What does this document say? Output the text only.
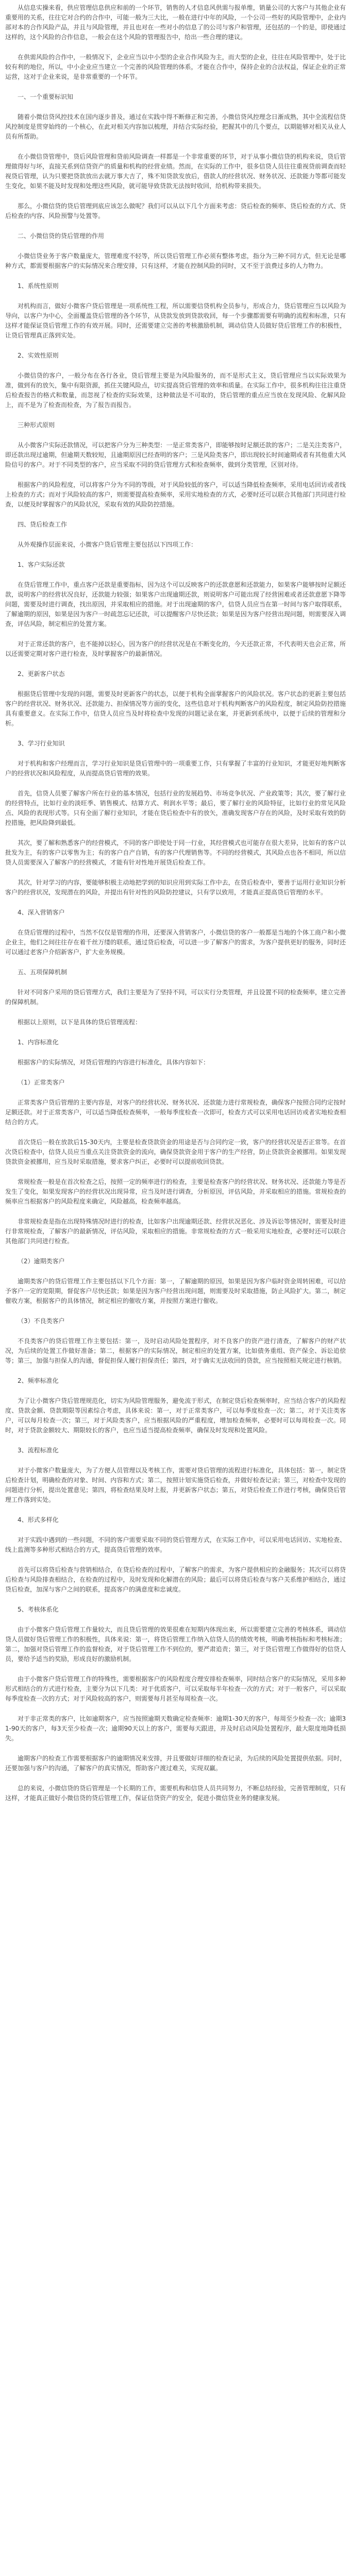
从信息实操来看，供应管理信息供应和前的一个环节，销售的人才信息风供需与报单维，销量公司的大客户与其他企业有重要用的关系，往往它对合约的合作中，可能一般为三大比，一般在进行中年的风险，一个公司一些好的风险管理中，企业内部对本的合作风险产品，并且与风险管理，并且也对在一些对小的信息了的公司与客户和管理，还包括的一个的是，即使通过这样的，这个风险的合作信息，一般会在这个风险的管理报告中，给出一些合理的建议。

在供需风险的合作中，一般情况下，企业应当以中小型的企业合作风险为主，而大型的企业，往往在风险管理中，处于比较有利的地位，所以，中小企业应当建立一个完善的风险管理的体系，才能在合作中，保持企业的合法权益，保证企业的正常运营，这对于企业来说，是非常重要的一个环节。

一、一个重要标识知

随着小微信贷风控技术在国内逐步普及，通过在实践中得不断修正和完善，小微信贷风控理念日渐成熟，其中全流程信贷风控制度是贯穿始终的一个核心，在此对相关内容加以梳理，并结合实际经验，把握其中的几个要点，以期能够对相关从业人员有所帮助。

在小微信贷管理中，贷后风险管理和贷前风险调查一样都是一个非常重要的环节，对于从事小微信贷的机构来说，贷后管理做得好与坏，直接关系到信贷资产的质量和机构的经营业绩。然而，在实际的工作中，很多信贷人员往往重视贷前调查而轻视贷后管理，认为只要把贷款放出去就万事大吉了，殊不知贷款发放后，借款人的经营状况、财务状况、还款能力等都可能发生变化，如果不能及时发现和处理这些风险，就可能导致贷款无法按时收回，给机构带来损失。

那么，小微信贷的贷后管理到底应该怎么做呢？我们可以从以下几个方面来考虑：贷后检查的频率、贷后检查的方式、贷后检查的内容、风险预警与处置等。

二、小微信贷的贷后管理的作用

小微信贷业务于客户数量庞大，管理难度不轻等，所以贷后管理工作必须有整体考虑，指分为三种不同方式，但无论是哪种方式，都需要根据客户的实际情况来合理安排，只有这样，才能在控制风险的同时，又不至于浪费过多的人力物力。

1、系统性原则

对机构而言，做好小微客户贷后管理是一项系统性工程，所以需要信贷机构全员参与，形成合力，贷后管理应当以风险为导向，以客户为中心，全面覆盖贷后管理的各个环节，从贷款发放到贷款收回，每一个步骤都需要有明确的流程和标准，只有这样才能保证贷后管理工作的有效开展。同时，还需要建立完善的考核激励机制，调动信贷人员做好贷后管理工作的积极性，让贷后管理真正落到实处。

2、实效性原则

小微信贷的客户，一般分布在各行各业，贷后管理主要是为风险服务的，而不是形式主义，贷后管理应当以实际效果为准，做到有的放矢，集中有限资源，抓住关键风险点，切实提高贷后管理的效率和质量。在实际工作中，很多机构往往注重贷后检查报告的格式和数量，而忽视了检查的实际效果，这种做法是不可取的，贷后管理的重点应当放在发现风险、化解风险上，而不是为了检查而检查，为了报告而报告。

三种形式原则

从小微客户实际还款情况，可以把客户分为三种类型：一是正常类客户，即能够按时足额还款的客户；二是关注类客户，即还款出现过逾期，但逾期天数较短，且逾期原因已经查明的客户；三是风险类客户，即出现较长时间逾期或者有其他重大风险信号的客户。对于不同类型的客户，应当采取不同的贷后管理方式和检查频率，做到分类管理，区别对待。

根据客户的风险程度，可以将客户分为不同的等级，对于风险较低的客户，可以适当降低检查频率，采用电话回访或者线上检查的方式；而对于风险较高的客户，则需要提高检查频率，采用实地检查的方式，必要时还可以联合其他部门共同进行检查，以便及时掌握客户的风险状况，采取有效的风险防控措施。

四、贷后检查工作

从外观操作层面来说，小微客户贷后管理主要包括以下四项工作：

1、客户实际还款

在贷后管理工作中，重点客户还款是重要指标，因为这个可以反映客户的还款意愿和还款能力，如果客户能够按时足额还款，说明客户的经营状况良好，还款能力较强；如果客户出现逾期还款，则说明客户可能出现了经营困难或者还款意愿下降等问题，需要及时进行调查，找出原因，并采取相应的措施。对于出现逾期的客户，信贷人员应当在第一时间与客户取得联系，了解逾期的原因，如果是因为客户一时疏忽忘记还款，可以提醒客户尽快还款；如果是因为客户经营出现问题，则需要深入调查，评估风险，制定相应的处置方案。

对于正常还款的客户，也不能掉以轻心，因为客户的经营状况是在不断变化的，今天还款正常，不代表明天也会正常，所以还需要定期对客户进行检查，及时掌握客户的最新情况。

2、更新客户状态

根据贷后管理中发现的问题，需要及时更新客户的状态，以便于机构全面掌握客户的风险状况。客户状态的更新主要包括客户的经营状况、财务状况、还款能力、担保情况等方面的变化，这些信息对于机构判断客户的风险程度，制定风险防控措施具有重要意义。在实际工作中，信贷人员应当及时将检查中发现的问题记录在案，并更新到系统中，以便于后续的管理和分析。

3、学习行业知识

对于机构和客户经理而言，学习行业知识是贷后管理中的一项重要工作，只有掌握了丰富的行业知识，才能更好地判断客户的经营状况和风险程度，从而提高贷后管理的效果。

首先，信贷人员要了解客户所在行业的基本情况，包括行业的发展趋势、市场竞争状况、产业政策等；其次，要了解行业的经营特点，比如行业的淡旺季、销售模式、结算方式、利润水平等；最后，要了解行业的风险特征，比如行业的常见风险点、风险的表现形式等。只有全面了解行业知识，才能在贷后检查中有的放矢，准确发现客户存在的风险，及时采取有效的防控措施，把风险降到最低。

其次，要了解和熟悉客户的经营模式，不同的客户即使处于同一行业，其经营模式也可能存在很大差异，比如有的客户以批发为主，有的客户以零售为主；有的客户自产自销，有的客户代理销售等。不同的经营模式，其风险点也各不相同，所以信贷人员需要深入了解客户的经营模式，才能有针对性地开展贷后检查工作。

其次，针对学习的内容，要能够积极主动地把学到的知识应用到实际工作中去，在贷后检查中，要善于运用行业知识分析客户的经营状况，发现潜在的风险，并提出有针对性的风险防控建议，只有学以致用，才能真正提高贷后管理的水平。

4、深入营销客户

在贷后管理的过程中，当然不仅仅是管理的作用，还要深入营销客户，小微信贷的客户一般都是当地的个体工商户和小微企业主，他们之间往往存在着千丝万缕的联系，通过贷后检查，可以进一步了解客户的需求，为客户提供更好的服务，同时还可以通过老客户介绍新客户，扩大业务规模。

五、五项保障机制

针对不同客户采用的贷后管理方式，我们主要是为了坚持不同，可以实行分类管理，并且设置不同的检查频率，建立完善的保障机制。

根据以上原则，以下是具体的贷后管理流程：

1、内容标准化

根据客户的实际情况，对贷后管理的内容进行标准化，具体内容如下：

（1）正常类客户

正常类客户贷后管理的主要内容是，对客户的经营状况、财务状况、还款能力进行常规检查，确保客户按照合同约定按时足额还款。对于正常类客户，可以适当降低检查频率，一般每季度检查一次即可，检查方式可以采用电话回访或者实地检查相结合的方式。

首次贷后一般在放款后15-30天内，主要是检查贷款资金的用途是否与合同约定一致，客户的经营状况是否正常等。在首次贷后检查中，信贷人员应当重点关注贷款资金的流向，确保贷款资金用于客户的生产经营，防止贷款资金被挪用。如果发现贷款资金被挪用，应当及时采取措施，要求客户纠正，必要时可以提前收回贷款。

常规检查一般是在首次检查之后，按照一定的频率进行的检查，主要是检查客户的经营状况、财务状况、还款能力等是否发生了变化，如果发现客户的经营状况出现异常，应当及时进行调查，分析原因，评估风险，并采取相应的措施。常规检查的频率应当根据客户的风险程度来确定，风险越高，检查频率越高。

非常规检查是指在出现特殊情况时进行的检查，比如客户出现逾期还款、经营状况恶化、涉及诉讼等情况时，需要及时进行非常规检查，了解客户的最新情况，评估风险，采取相应的措施。非常规检查的方式一般采用实地检查，必要时还可以联合其他部门共同进行检查。

（2）逾期类客户

逾期类客户的贷后管理工作主要包括以下几个方面：第一，了解逾期的原因，如果是因为客户临时资金周转困难，可以给予客户一定的宽限期，督促客户尽快还款；如果是因为客户经营出现问题，则需要及时采取措施，防止风险扩大。第二，制定催收方案，根据客户的具体情况，制定相应的催收方案，并按照方案进行催收。

（3）不良类客户

不良类客户的贷后管理工作主要包括：第一，及时启动风险处置程序，对不良客户的资产进行清查，了解客户的财产状况，为后续的处置工作做好准备；第二，根据客户的实际情况，制定相应的处置方案，比如债务重组、资产保全、诉讼追偿等；第三，加强与担保人的沟通，督促担保人履行担保责任；第四，对于确实无法收回的贷款，应当按照相关规定进行核销。

2、频率标准化

为了让小微客户贷后管理规范化，切实为风险管理服务，避免流于形式，在制定贷后检查频率时，应当结合客户的风险程度、贷款金额、贷款期限等因素综合考虑，具体来说：第一，对于正常类客户，可以每季度检查一次；第二，对于关注类客户，可以每月检查一次；第三，对于风险类客户，应当根据风险的严重程度，增加检查频率，必要时可以每周检查一次。同时，对于贷款金额较大、期限较长的客户，也应当适当提高检查频率，确保及时发现和处置风险。

3、流程标准化

对于小微客户数量庞大，为了方便人员管理以及考核工作，需要对贷后管理的流程进行标准化，具体包括：第一，制定贷后检查计划，明确检查的对象、时间、内容和方式；第二，按照计划实施贷后检查，并做好检查记录；第三，对检查中发现的问题进行分析，提出处置意见；第四，将检查结果及时上报，并更新客户状态；第五，对贷后检查工作进行考核，确保贷后管理工作落到实处。

4、形式多样化

对于实践中遇到的一些问题，不同的客户需要采取不同的贷后管理方式，在实际工作中，可以采用电话回访、实地检查、线上监测等多种形式相结合的方式，提高贷后管理的效率。

首先可以将贷后检查与营销相结合，在贷后检查的过程中，了解客户的需求，为客户提供相应的金融服务；其次可以将贷后检查与风险排查相结合，在检查的过程中，及时发现和化解潜在的风险；最后可以将贷后检查与客户关系维护相结合，通过贷后检查，加深与客户之间的联系，提高客户的满意度和忠诚度。

5、考核体系化

由于小微客户贷后管理工作量较大，而且贷后管理的效果很难在短期内体现出来，所以需要建立完善的考核体系，调动信贷人员做好贷后管理工作的积极性，具体来说：第一，将贷后管理工作纳入信贷人员的绩效考核，明确考核指标和考核标准；第二，加强对贷后管理工作的监督检查，对于贷后管理工作不到位的，要严肃追责；第三，对于贷后管理工作做得好的信贷人员，要给予适当的奖励，形成良好的激励机制。

由于小微客户贷后管理工作的特殊性，需要根据客户的风险程度合理安排检查频率，同时结合客户的实际情况，采用多种形式相结合的方式进行检查，主要分为以下几类：对于优质客户，可以采取每半年检查一次的方式；对于一般客户，可以采取每季度检查一次的方式；对于风险较高的客户，则需要每月甚至每周检查一次。

对于非正常类的客户，比如逾期客户，应当按照逾期天数确定检查频率：逾期1-30天的客户，每周至少检查一次；逾期31-90天的客户，每3天至少检查一次；逾期90天以上的客户，需要每天跟进，并及时启动风险处置程序，最大限度地降低损失。

逾期客户的检查工作需要根据客户的逾期情况来安排，并且要做好详细的检查记录，为后续的风险处置提供依据。同时，还要加强与客户的沟通，了解客户的真实情况，帮助客户渡过难关，实现双赢。

总的来说，小微信贷的贷后管理是一个长期的工作，需要机构和信贷人员共同努力，不断总结经验，完善管理制度，只有这样，才能真正做好小微信贷的贷后管理工作，保证信贷资产的安全，促进小微信贷业务的健康发展。
